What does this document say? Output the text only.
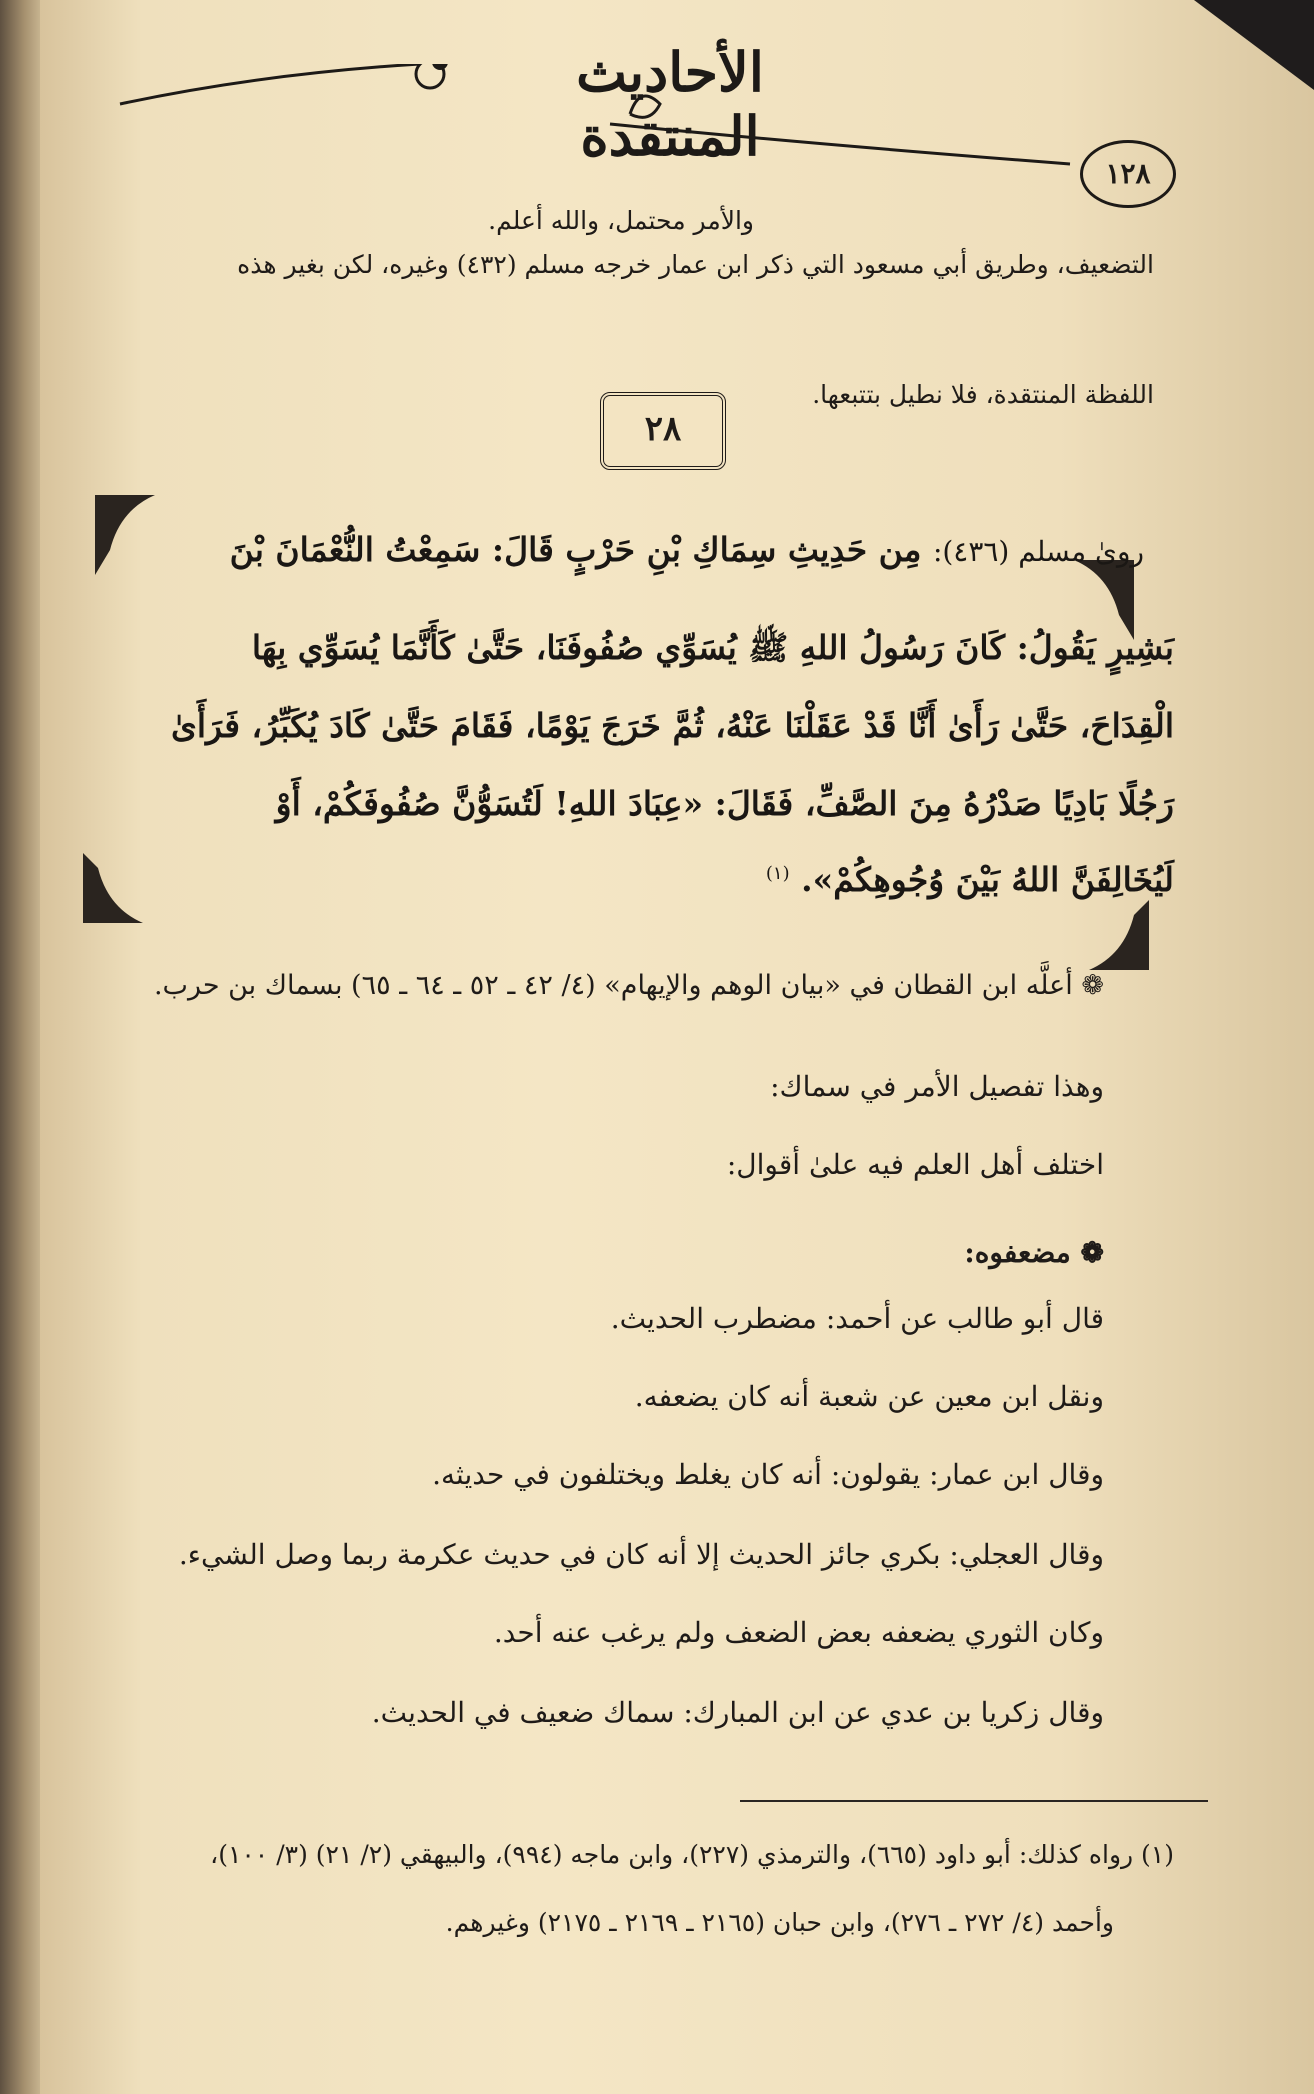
الأحاديث المنتقدة
١٢٨
والأمر محتمل، والله أعلم.
التضعيف، وطريق أبي مسعود التي ذكر ابن عمار خرجه مسلم (٤٣٢) وغيره، لكن بغير هذه
اللفظة المنتقدة، فلا نطيل بتتبعها.
٢٨
روىٰ مسلم (٤٣٦): مِن حَدِيثِ سِمَاكِ بْنِ حَرْبٍ قَالَ: سَمِعْتُ النُّعْمَانَ بْنَ
بَشِيرٍ يَقُولُ: كَانَ رَسُولُ اللهِ ﷺ يُسَوِّي صُفُوفَنَا، حَتَّىٰ كَأَنَّمَا يُسَوِّي بِهَا
الْقِدَاحَ، حَتَّىٰ رَأَىٰ أَنَّا قَدْ عَقَلْنَا عَنْهُ، ثُمَّ خَرَجَ يَوْمًا، فَقَامَ حَتَّىٰ كَادَ يُكَبِّرُ، فَرَأَىٰ
رَجُلًا بَادِيًا صَدْرُهُ مِنَ الصَّفِّ، فَقَالَ: «عِبَادَ اللهِ! لَتُسَوُّنَّ صُفُوفَكُمْ، أَوْ
لَيُخَالِفَنَّ اللهُ بَيْنَ وُجُوهِكُمْ». $^{(١)}$
❁ أعلَّه ابن القطان في «بيان الوهم والإيهام» (٤/ ٤٢ ـ ٥٢ ـ ٦٤ ـ ٦٥) بسماك بن حرب.
وهذا تفصيل الأمر في سماك:
اختلف أهل العلم فيه علىٰ أقوال:
❁ مضعفوه:
قال أبو طالب عن أحمد: مضطرب الحديث.
ونقل ابن معين عن شعبة أنه كان يضعفه.
وقال ابن عمار: يقولون: أنه كان يغلط ويختلفون في حديثه.
وقال العجلي: بكري جائز الحديث إلا أنه كان في حديث عكرمة ربما وصل الشيء.
وكان الثوري يضعفه بعض الضعف ولم يرغب عنه أحد.
وقال زكريا بن عدي عن ابن المبارك: سماك ضعيف في الحديث.
(١) رواه كذلك: أبو داود (٦٦٥)، والترمذي (٢٢٧)، وابن ماجه (٩٩٤)، والبيهقي (٢/ ٢١) (٣/ ١٠٠)،
وأحمد (٤/ ٢٧٢ ـ ٢٧٦)، وابن حبان (٢١٦٥ ـ ٢١٦٩ ـ ٢١٧٥) وغيرهم.
